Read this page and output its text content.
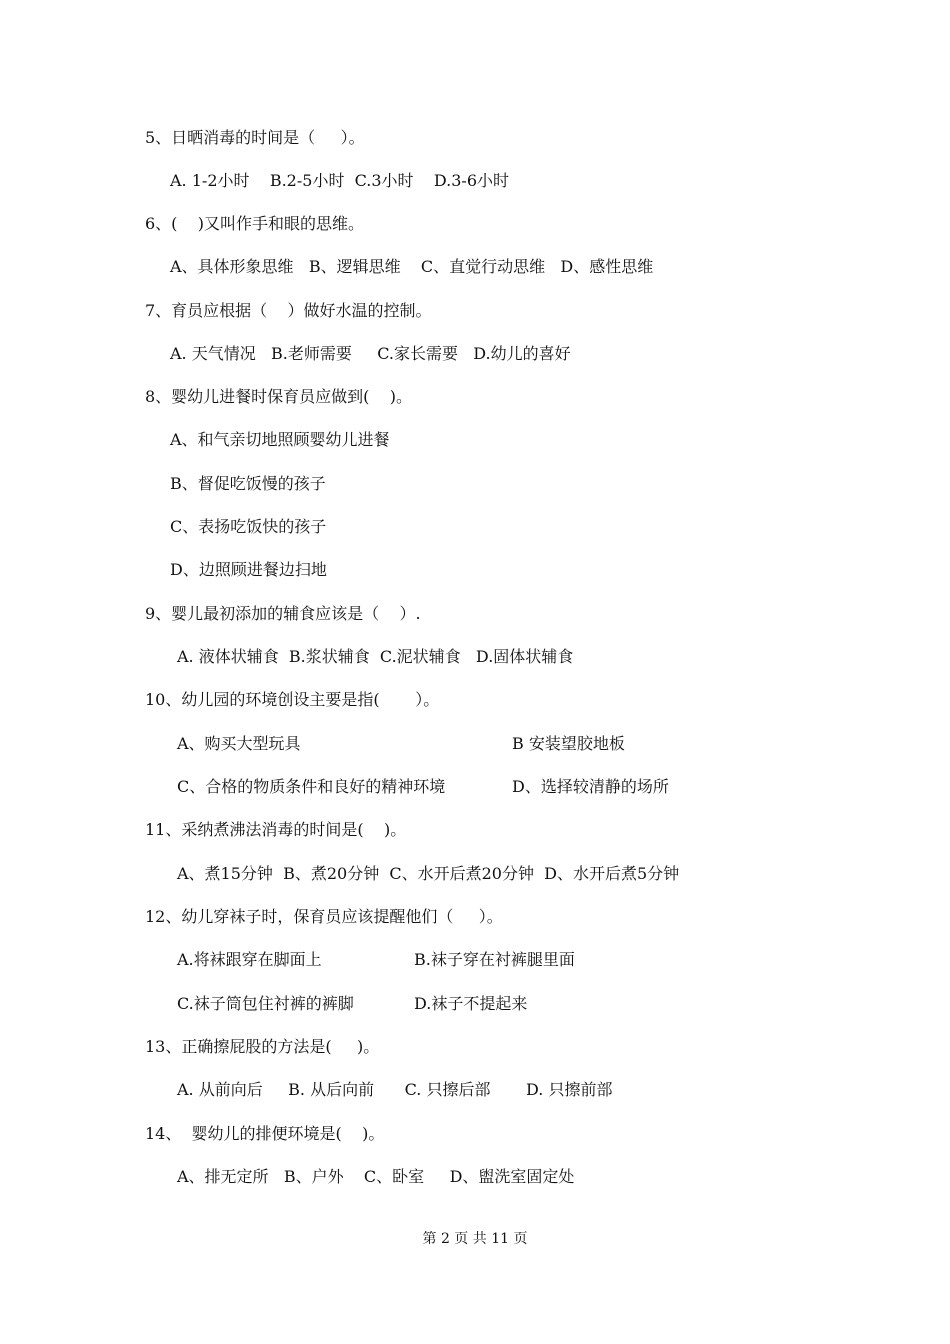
5、日晒消毒的时间是（     ）。
A. 1-2小时    B.2-5小时  C.3小时    D.3-6小时
6、(    )又叫作手和眼的思维。
A、具体形象思维   B、逻辑思维    C、直觉行动思维   D、感性思维
7、育员应根据（    ）做好水温的控制。
A. 天气情况   B.老师需要     C.家长需要   D.幼儿的喜好
8、婴幼儿进餐时保育员应做到(    )。
A、和气亲切地照顾婴幼儿进餐
B、督促吃饭慢的孩子
C、表扬吃饭快的孩子
D、边照顾进餐边扫地
9、婴儿最初添加的辅食应该是（    ）.
A. 液体状辅食  B.浆状辅食  C.泥状辅食   D.固体状辅食
10、幼儿园的环境创设主要是指(       ）。
A、购买大型玩具	B 安装望胶地板
C、合格的物质条件和良好的精神环境	D、选择较清静的场所
11、采纳煮沸法消毒的时间是(    )。
A、煮15分钟  B、煮20分钟  C、水开后煮20分钟  D、水开后煮5分钟
12、幼儿穿袜子时，保育员应该提醒他们（     ）。
A.将袜跟穿在脚面上	B.袜子穿在衬裤腿里面
C.袜子筒包住衬裤的裤脚	D.袜子不提起来
13、正确擦屁股的方法是(     )。
A. 从前向后     B. 从后向前      C. 只擦后部       D. 只擦前部
14、  婴幼儿的排便环境是(    )。
A、排无定所   B、户外    C、卧室     D、盥洗室固定处
第 2 页 共 11 页
